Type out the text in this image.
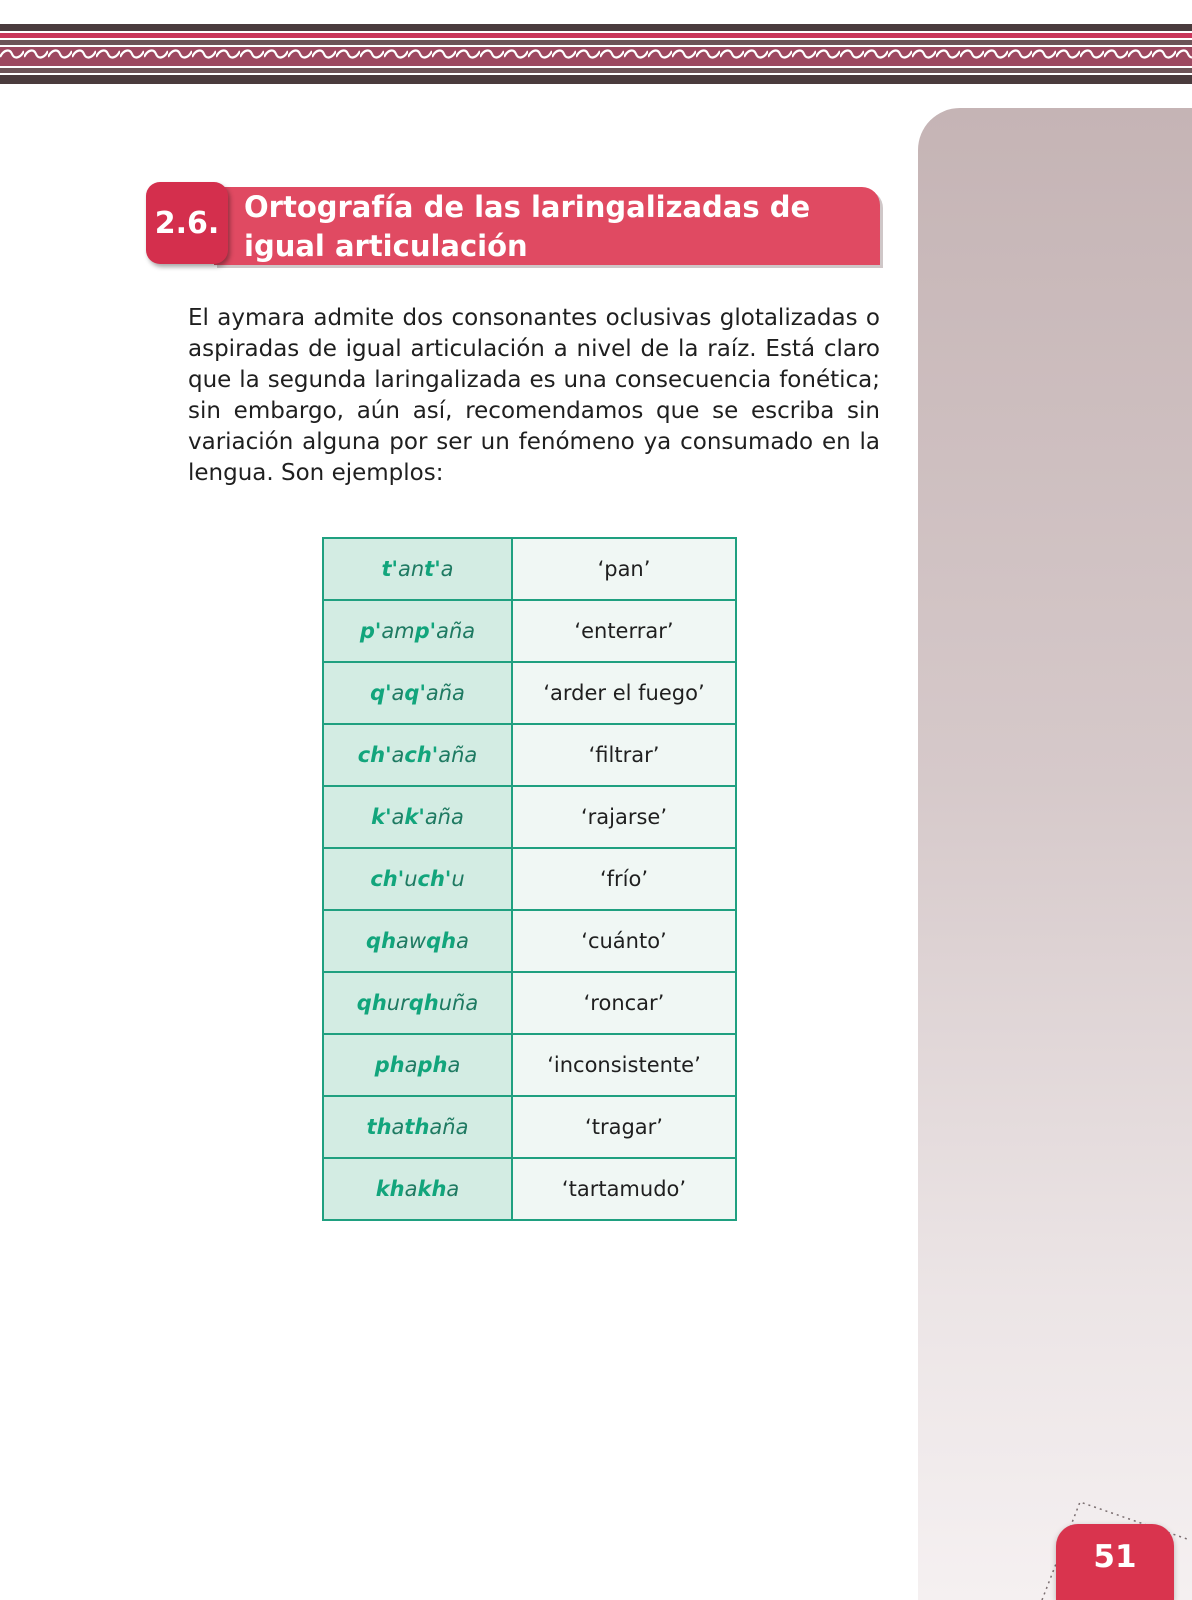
Ortografía de las laringalizadas de igual articulación
2.6.

El aymara admite dos consonantes oclusivas glotalizadas o aspiradas de igual articulación a nivel de la raíz. Está claro que la segunda laringalizada es una consecuencia fonética; sin embargo, aún así, recomendamos que se escriba sin variación alguna por ser un fenómeno ya consumado en la lengua. Son ejemplos:

t'ant'a	‘pan’
p'amp'aña	‘enterrar’
q'aq'aña	‘arder el fuego’
ch'ach'aña	‘filtrar’
k'ak'aña	‘rajarse’
ch'uch'u	‘frío’
qhawqha	‘cuánto’
qhurqhuña	‘roncar’
phapha	‘inconsistente’
thathaña	‘tragar’
khakha	‘tartamudo’
51
